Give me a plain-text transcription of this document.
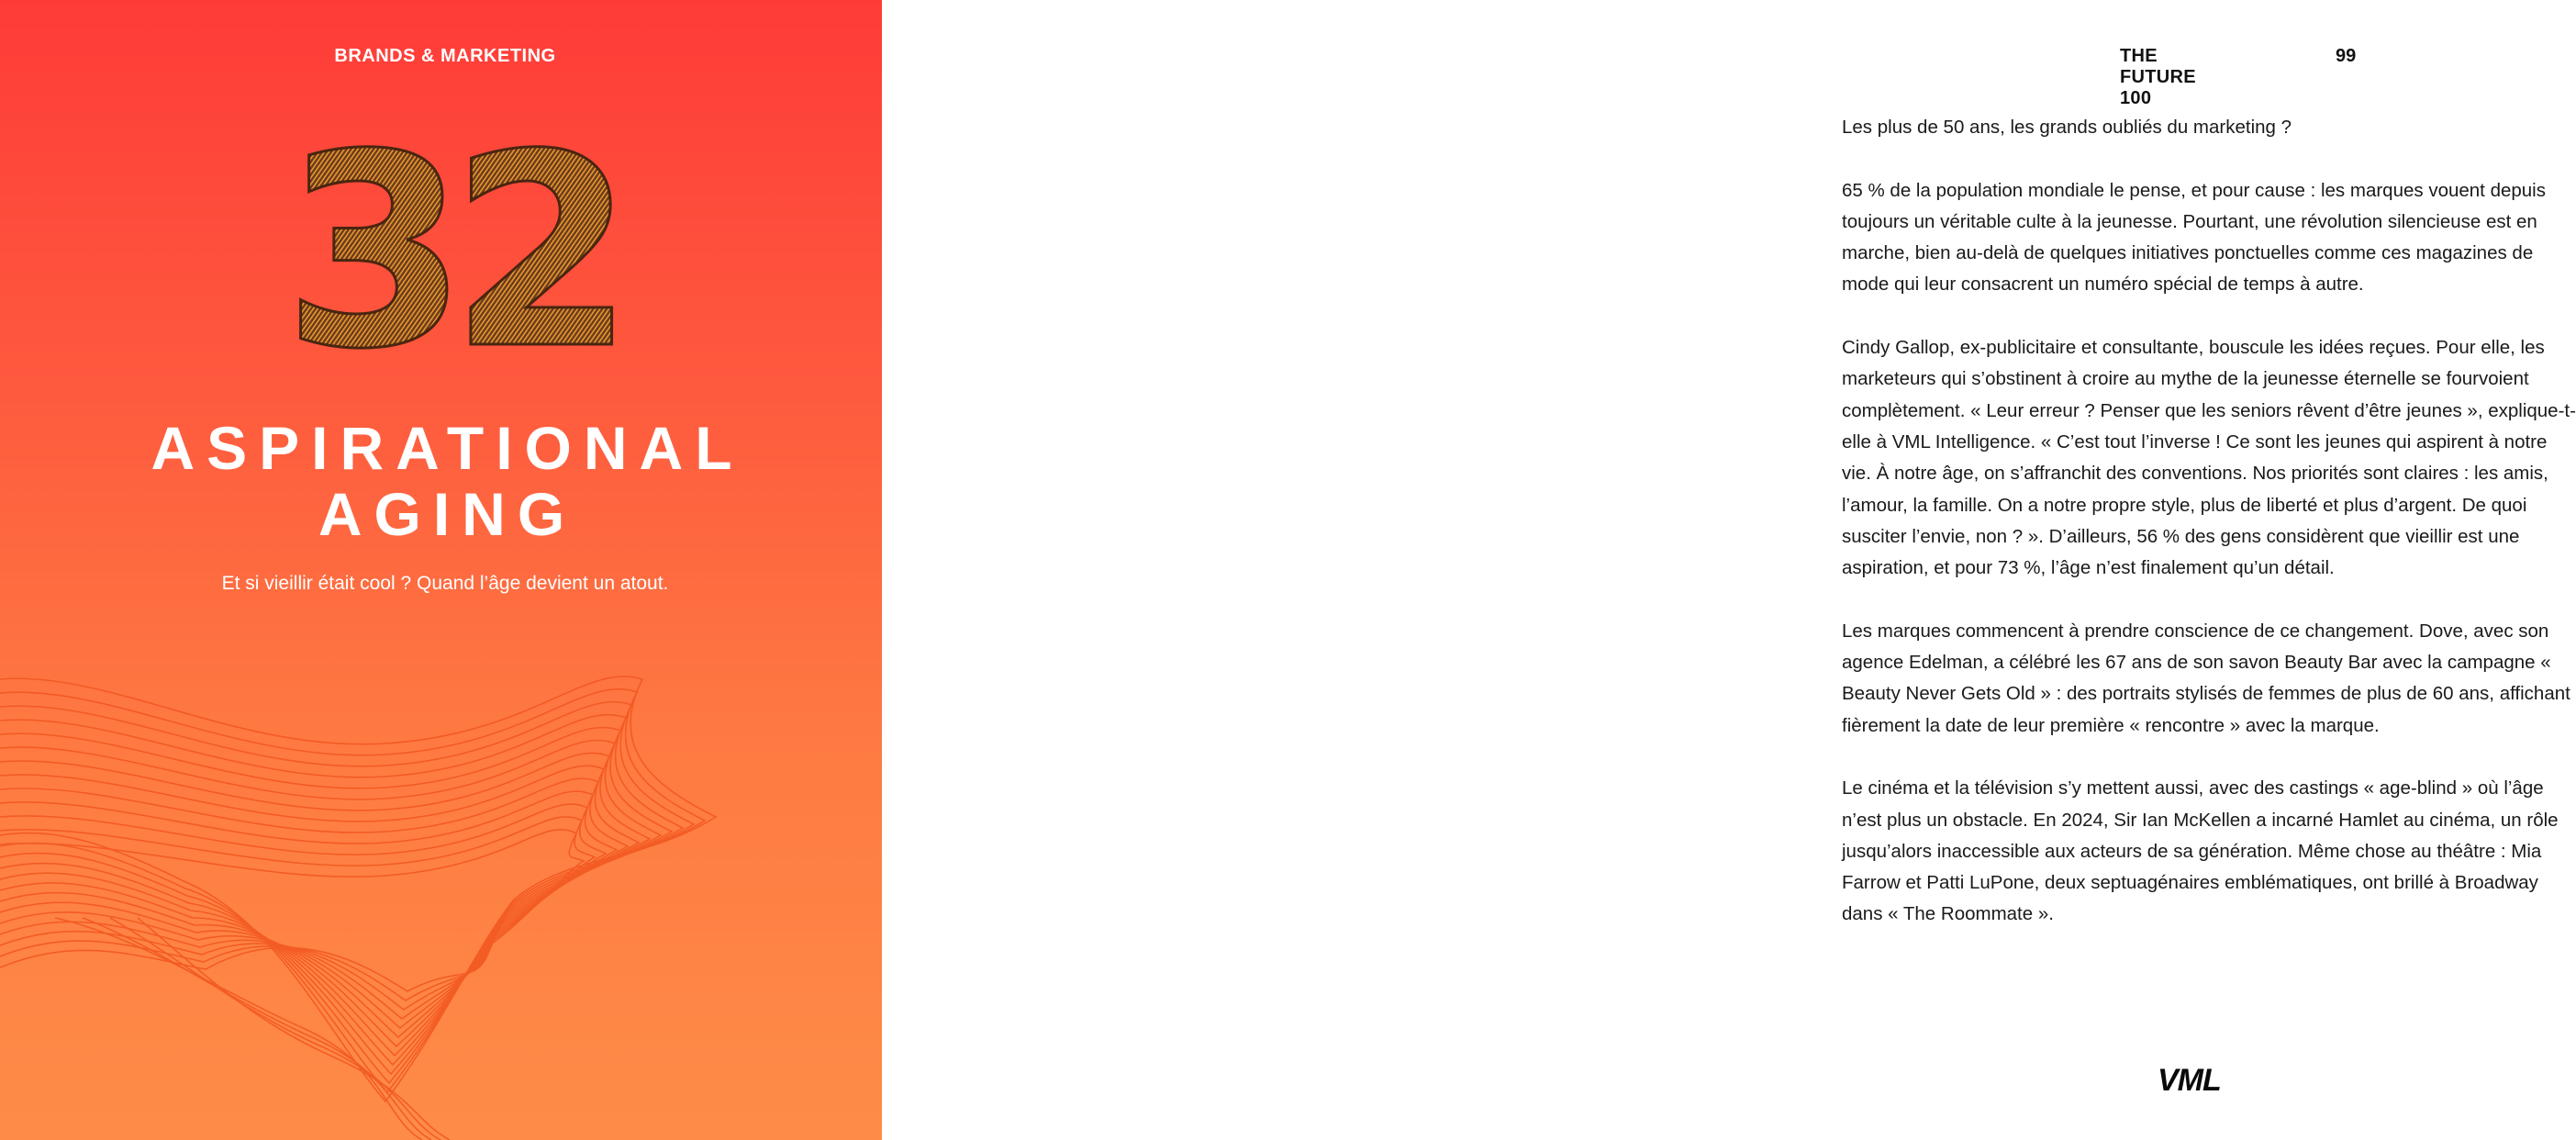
BRANDS & MARKETING
32
ASPIRATIONAL
AGING
Et si vieillir était cool ? Quand l’âge devient un atout.
THE FUTURE 100
99

Les plus de 50 ans, les grands oubliés du marketing ?

65 % de la population mondiale le pense, et pour cause : les marques vouent depuis toujours un véritable culte à la jeunesse. Pourtant, une révolution silencieuse est en marche, bien au-delà de quelques initiatives ponctuelles comme ces magazines de mode qui leur consacrent un numéro spécial de temps à autre.

Cindy Gallop, ex-publicitaire et consultante, bouscule les idées reçues. Pour elle, les marketeurs qui s’obstinent à croire au mythe de la jeunesse éternelle se fourvoient complètement. « Leur erreur ? Penser que les seniors rêvent d’être jeunes », explique-t-elle à VML Intelligence. « C’est tout l’inverse ! Ce sont les jeunes qui aspirent à notre vie. À notre âge, on s’affranchit des conventions. Nos priorités sont claires : les amis, l’amour, la famille. On a notre propre style, plus de liberté et plus d’argent. De quoi susciter l’envie, non ? ». D’ailleurs, 56 % des gens considèrent que vieillir est une aspiration, et pour 73 %, l’âge n’est finalement qu’un détail.

Les marques commencent à prendre conscience de ce changement. Dove, avec son agence Edelman, a célébré les 67 ans de son savon Beauty Bar avec la campagne « Beauty Never Gets Old » : des portraits stylisés de femmes de plus de 60 ans, affichant fièrement la date de leur première « rencontre » avec la marque.

Le cinéma et la télévision s’y mettent aussi, avec des castings « age-blind » où l’âge n’est plus un obstacle. En 2024, Sir Ian McKellen a incarné Hamlet au cinéma, un rôle jusqu’alors inaccessible aux acteurs de sa génération. Même chose au théâtre : Mia Farrow et Patti LuPone, deux septuagénaires emblématiques, ont brillé à Broadway dans « The Roommate ».

VML
